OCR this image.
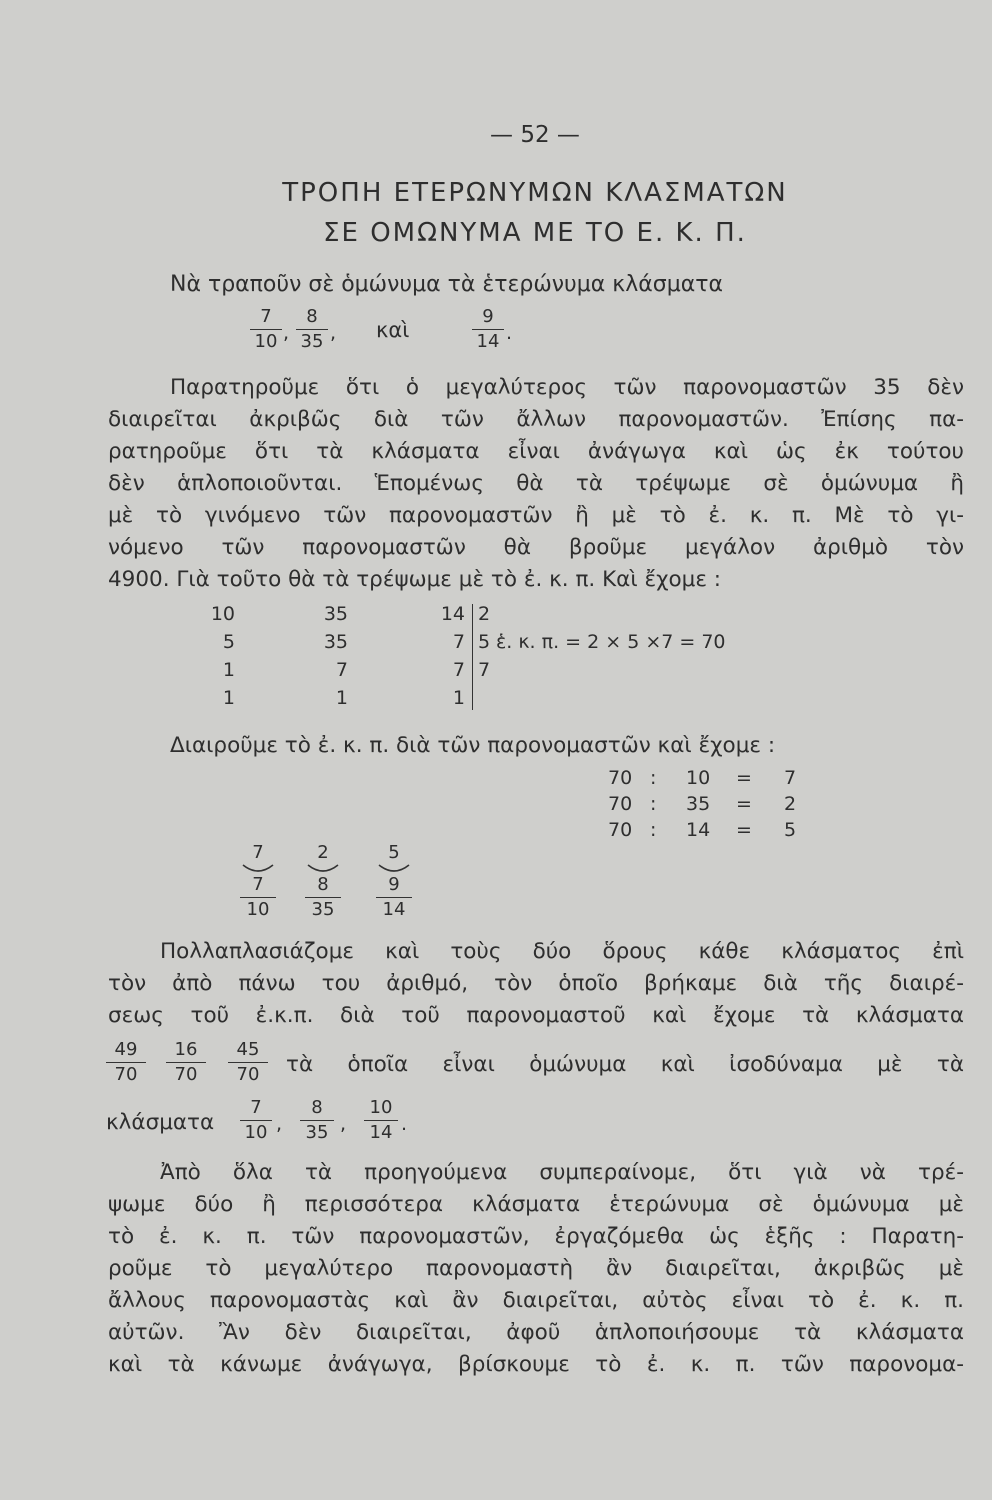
— 52 —
ΤΡΟΠΗ ΕΤΕΡΩΝΥΜΩΝ ΚΛΑΣΜΑΤΩΝ
ΣΕ ΟΜΩΝΥΜΑ ΜΕ ΤΟ Ε. Κ. Π.
Νὰ τραποῦν σὲ ὁμώνυμα τὰ ἑτερώνυμα κλάσματα
7
10 ,
8
35 , καὶ
9
14 .

Παρατηροῦμε ὅτι ὁ μεγαλύτερος τῶν παρονομαστῶν 35 δὲν

διαιρεῖται ἀκριβῶς διὰ τῶν ἄλλων παρονομαστῶν. Ἐπίσης πα-

ρατηροῦμε ὅτι τὰ κλάσματα εἶναι ἀνάγωγα καὶ ὡς ἐκ τούτου

δὲν ἁπλοποιοῦνται. Ἑπομένως θὰ τὰ τρέψωμε σὲ ὁμώνυμα ἢ

μὲ τὸ γινόμενο τῶν παρονομαστῶν ἢ μὲ τὸ ἐ. κ. π. Μὲ τὸ γι-

νόμενο τῶν παρονομαστῶν θὰ βροῦμε μεγάλον ἀριθμὸ τὸν

4900. Γιὰ τοῦτο θὰ τὰ τρέψωμε μὲ τὸ ἐ. κ. π. Καὶ ἔχομε :

10	35	14 2
5	35	7 5 ἑ. κ. π. = 2 × 5 ×7 = 70
1	7	7 7
1	1	1
Διαιροῦμε τὸ ἐ. κ. π. διὰ τῶν παρονομαστῶν καὶ ἔχομε :
70 : 10 = 7
70 : 35 = 2
70 : 14 = 5
7
7
10
2
8
35
5
9
14

Πολλαπλασιάζομε καὶ τοὺς δύο ὅρους κάθε κλάσματος ἐπὶ

τὸν ἀπὸ πάνω του ἀριθμό, τὸν ὁποῖο βρήκαμε διὰ τῆς διαιρέ-

σεως τοῦ ἐ.κ.π. διὰ τοῦ παρονομαστοῦ καὶ ἔχομε τὰ κλάσματα

49
70
16
70
45
70	τὰ ὁποῖα εἶναι ὁμώνυμα καὶ ἰσοδύναμα μὲ τὰ
κλάσματα
7
10 ,
8
35 ,
10
14 .

Ἀπὸ ὅλα τὰ προηγούμενα συμπεραίνομε, ὅτι γιὰ νὰ τρέ-

ψωμε δύο ἢ περισσότερα κλάσματα ἑτερώνυμα σὲ ὁμώνυμα μὲ

τὸ ἐ. κ. π. τῶν παρονομαστῶν, ἐργαζόμεθα ὡς ἑξῆς : Παρατη-

ροῦμε τὸ μεγαλύτερο παρονομαστὴ ἂν διαιρεῖται, ἀκριβῶς μὲ

ἄλλους παρονομαστὰς καὶ ἂν διαιρεῖται, αὐτὸς εἶναι τὸ ἐ. κ. π.

αὐτῶν. Ἂν δὲν διαιρεῖται, ἀφοῦ ἁπλοποιήσουμε τὰ κλάσματα

καὶ τὰ κάνωμε ἀνάγωγα, βρίσκουμε τὸ ἐ. κ. π. τῶν παρονομα-
